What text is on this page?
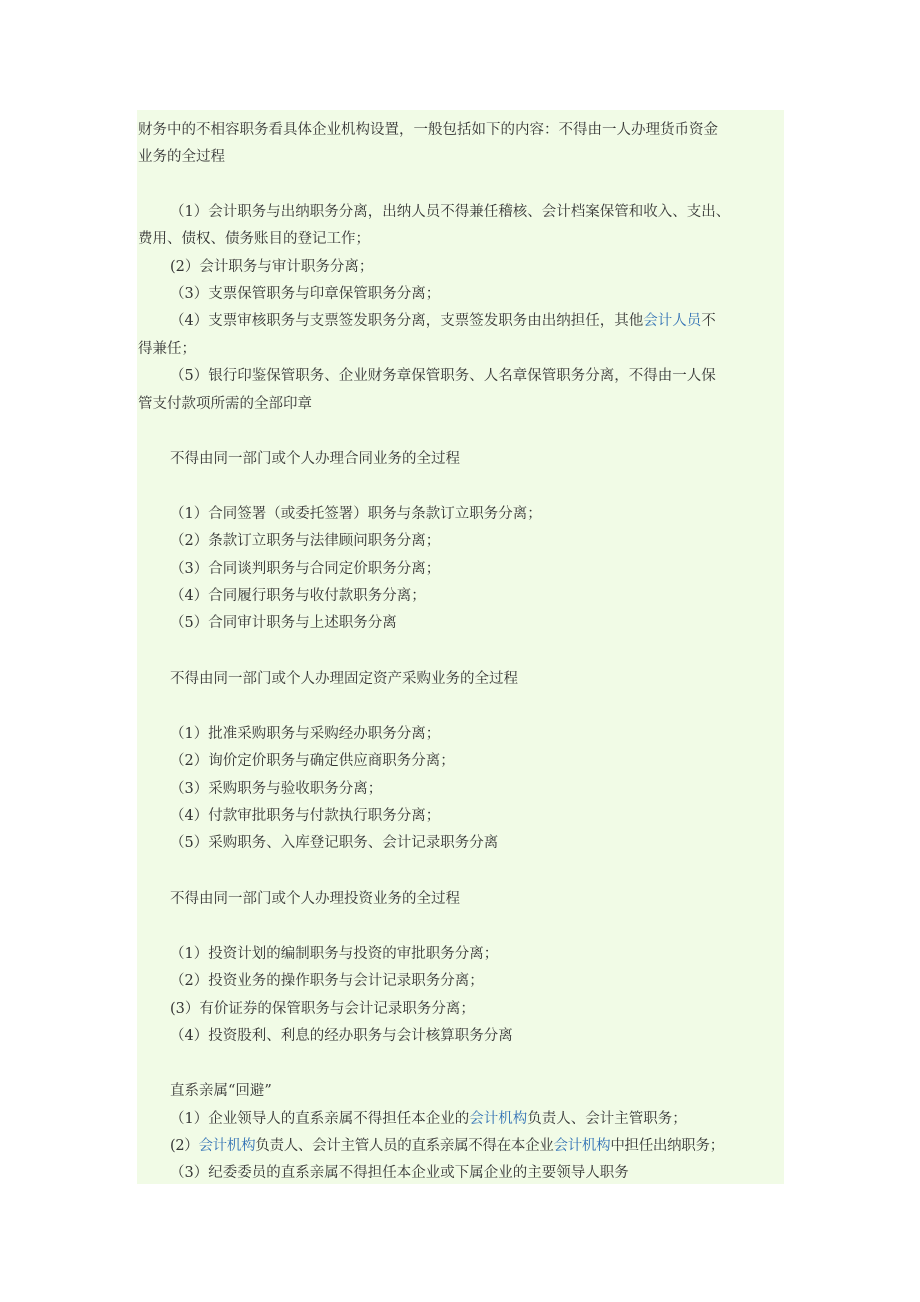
财务中的不相容职务看具体企业机构设置，一般包括如下的内容：不得由一人办理货币资金
业务的全过程
（1）会计职务与出纳职务分离，出纳人员不得兼任稽核、会计档案保管和收入、支出、
费用、债权、债务账目的登记工作；
(2）会计职务与审计职务分离；
（3）支票保管职务与印章保管职务分离；
（4）支票审核职务与支票签发职务分离，支票签发职务由出纳担任，其他会计人员不
得兼任；
（5）银行印鉴保管职务、企业财务章保管职务、人名章保管职务分离，不得由一人保
管支付款项所需的全部印章
不得由同一部门或个人办理合同业务的全过程
（1）合同签署（或委托签署）职务与条款订立职务分离；
（2）条款订立职务与法律顾问职务分离；
（3）合同谈判职务与合同定价职务分离；
（4）合同履行职务与收付款职务分离；
（5）合同审计职务与上述职务分离
不得由同一部门或个人办理固定资产采购业务的全过程
（1）批准采购职务与采购经办职务分离；
（2）询价定价职务与确定供应商职务分离；
（3）采购职务与验收职务分离；
（4）付款审批职务与付款执行职务分离；
（5）采购职务、入库登记职务、会计记录职务分离
不得由同一部门或个人办理投资业务的全过程
（1）投资计划的编制职务与投资的审批职务分离；
（2）投资业务的操作职务与会计记录职务分离；
(3）有价证券的保管职务与会计记录职务分离；
（4）投资股利、利息的经办职务与会计核算职务分离
直系亲属“回避”
（1）企业领导人的直系亲属不得担任本企业的会计机构负责人、会计主管职务；
(2）会计机构负责人、会计主管人员的直系亲属不得在本企业会计机构中担任出纳职务；
（3）纪委委员的直系亲属不得担任本企业或下属企业的主要领导人职务
